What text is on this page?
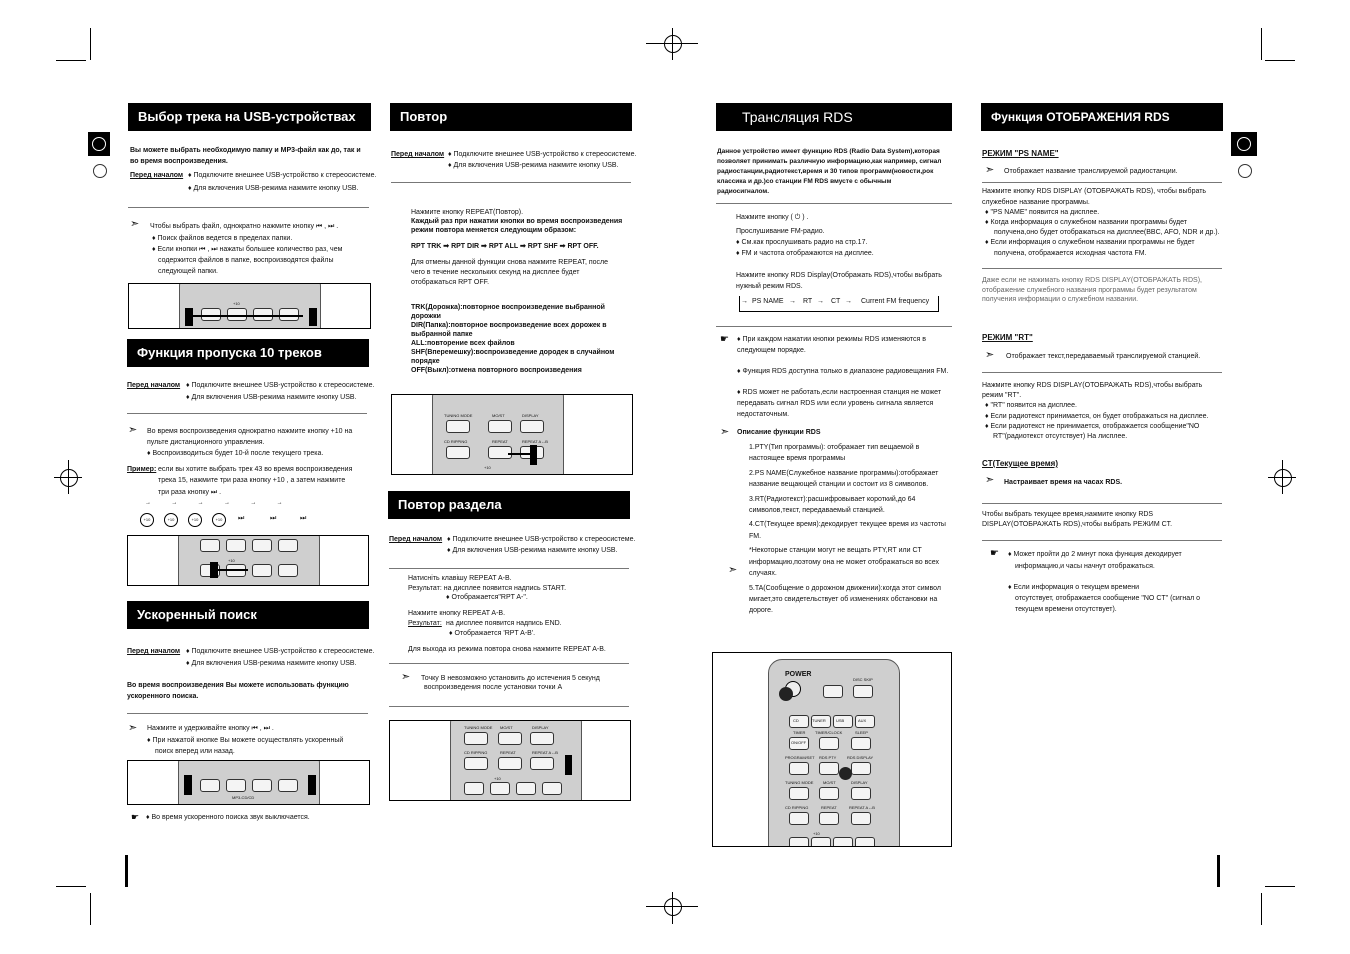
Выбор трека на USB-устройствах
Вы можете выбрать необходимую папку и MP3-файл как до, так и
во время воспроизведения.
Перед началом ♦ Подключите внешнее USB-устройство к стереосистеме.
♦ Для включения USB-режима нажмите кнопку USB.
➣ Чтобы выбрать файл, однократно нажмите кнопку ⏮ , ⏭ .
♦ Поиск файлов ведется в пределах папки.
♦ Если кнопки ⏮ , ⏭ нажаты большее количество раз, чем
содержится файлов в папке, воспроизводятся файлы
следующей папки.
+10
Функция пропуска 10 треков
Перед началом ♦ Подключите внешнее USB-устройство к стереосистеме.
♦ Для включения USB-режима нажмите кнопку USB.
➣ Во время воспроизведения однократно нажмите кнопку +10 на
пульте дистанционного управления.
♦ Воспроизводиться будет 10-й после текущего трека.
Пример: если вы хотите выбрать трек 43 во время воспроизведения
трека 15, нажмите три раза кнопку +10 , а затем нажмите
три раза кнопку ⏭ .
→     →     →     →     →     →
+10	+10	+10	+10	⏭	⏭	⏭
+10
Ускоренный поиск
Перед началом ♦ Подключите внешнее USB-устройство к стереосистеме.
♦ Для включения USB-режима нажмите кнопку USB.
Во время воспроизведения Вы можете использовать функцию
ускоренного поиска.
➣ Нажмите и удерживайте кнопку ⏮ , ⏭ .
♦ При нажатой кнопке Вы можете осуществлять ускоренный
поиск вперед или назад.
MP3-CD/CD
☛ ♦ Во время ускоренного поиска звук выключается.
Повтор
Перед началом ♦ Подключите внешнее USB-устройство к стереосистеме.
♦ Для включения USB-режима нажмите кнопку USB.
Нажмите кнопку REPEAT(Повтор).
Каждый раз при нажатии кнопки во время воспроизведения
режим повтора меняется следующим образом:
RPT TRK ➡ RPT DIR ➡ RPT ALL ➡ RPT SHF ➡ RPT OFF.
Для отмены данной функции снова нажмите REPEAT, после
чего в течение нескольких секунд на дисплее будет
отображаться RPT OFF.
TRK(Дорожка):повторное воспроизведение выбранной
дорожки
DIR(Папка):повторное воспроизведение всех дорожек в
выбранной папке
ALL:повторение всех файлов
SHF(Вперемешку):воспроизведение дородек в случайном
порядке
OFF(Выкл):отмена повторного воспроизведения
TUNING MODE	MO/ST	DISPLAY
CD RIPPING	REPEAT	REPEAT A↔B
+10
Повтор раздела
Перед началом ♦ Подключите внешнее USB-устройство к стереосистеме.
♦ Для включения USB-режима нажмите кнопку USB.
Натисніть клавішу REPEAT A-B.
Результат: на дисплее появится надпись START.
♦ Отображается"RPT A-".
Нажмите кнопку REPEAT A-B.
Результат: на дисплее появится надпись END.
♦ Отображается 'RPT A-B'.
Для выхода из режима повтора снова нажмите REPEAT A-B.
➣ Точку B невозможно установить до истечения 5 секунд
воспроизведения после установки точки A
TUNING MODE MO/ST	DISPLAY
CD RIPPING	REPEAT	REPEAT A↔B
+10
Трансляция RDS
Данное устройство имеет функцию RDS (Radio Data System),которая
позволяет принимать различную информацию,как например, сигнал
радиостанции,радиотекст,время и 30 типов программ(новости,рок
классика и др.)со станции FM RDS вмусте с обычным
радиосигналом.
Нажмите кнопку ( ⏻ ) .
Прослушивание FM-радио.
♦ См.как прослушивать радио на стр.17.
♦ FM и частота отображаются на дисплее.
Нажмите кнопку RDS Display(Отображать RDS),чтобы выбрать
нужный режим RDS.
→ PS NAME → RT → CT → Current FM frequency
☛ ♦ При каждом нажатии кнопки режимы RDS изменяются в
следующем порядке.
♦ Функция RDS доступна только в диапазоне радиовещания FM.
♦ RDS может не работать,если настроенная станция не может
передавать сигнал RDS или если уровень сигнала является
недостаточным.
➣ Описание функции RDS
1.PTY(Тип программы): отображает тип вещаемой в
настоящее время программы
2.PS NAME(Служебное название программы):отображает
название вещающей станции и состоит из 8 символов.
3.RT(Радиотекст):расшифровывает короткий,до 64
символов,текст, передаваемый станцией.
4.CT(Текущее время):декодирует текущее время из частоты
FM.
*Некоторые станции могут не вещать PTY,RT или CT
информацию,поэтому она не может отображаться во всех
➣ случаях.
5.TA(Сообщение о дорожном движении):когда этот символ
мигает,это свидетельствует об изменениях обстановки на
дороге.
POWER
DISC SKIP
CD	TUNER	USB	AUX
TIMER TIMER/CLOCK	SLEEP
ON/OFF
PROGRAM/SET RDS PTY	RDS DISPLAY
TUNING MODE MO/ST	DISPLAY
CD RIPPING	REPEAT	REPEAT A↔B
+10
Функция ОТОБРАЖЕНИЯ RDS
РЕЖИМ "PS NAME"
➣ Отображает название транслируемой радиостанции.
Нажмите кнопку RDS DISPLAY (ОТОБРАЖАТЬ RDS), чтобы выбрать
служебное название программы.
♦ "PS NAME" появится на дисплее.
♦ Когда информация о служебном названии программы будет
получена,оно будет отображаться на дисплее(BBC, AFO, NDR и др.).
♦ Если информация о служебном названии программы не будет
получена, отображается исходная частота FM.
Даже если не нажимать кнопку RDS DISPLAY(ОТОБРАЖАТЬ RDS),
отображение служебного названия программы будет результатом
получения информации о служебном названии.
РЕЖИМ "RT"
➣ Отображает текст,передаваемый транслируемой станцией.
Нажмите кнопку RDS DISPLAY(ОТОБРАЖАТЬ RDS),чтобы выбрать
режим "RT".
♦ "RT" появится на дисплее.
♦ Если радиотекст принимается, он будет отображаться на дисплее.
♦ Если радиотекст не принимается, отображается сообщение"NO
RT"(радиотекст отсутствует) На лисплее.
CT(Текущее время)
➣ Настраивает время на часах RDS.
Чтобы выбрать текущее время,нажмите кнопку RDS
DISPLAY(ОТОБРАЖАТЬ RDS),чтобы выбрать РЕЖИМ CT.
☛ ♦ Может пройти до 2 минут пока функция декодирует
информацию,и часы начнут отображаться.
♦ Если информация о текущем времени
отсутствует, отображается сообщение "NO CT" (сигнал о
текущем времени отсутствует).
